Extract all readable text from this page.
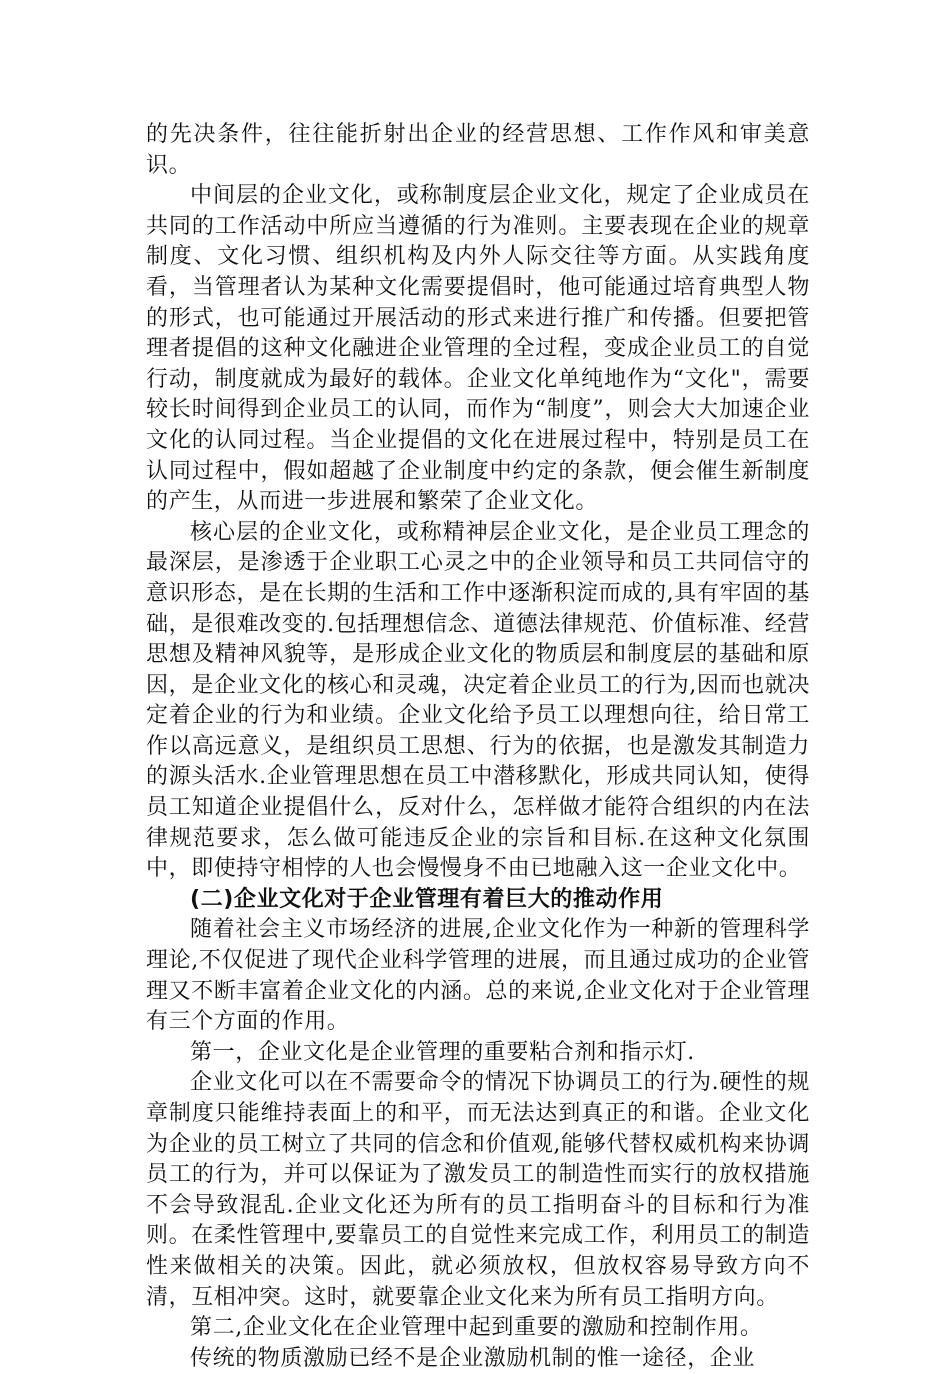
的先决条件，往往能折射出企业的经营思想、工作作风和审美意识。

中间层的企业文化，或称制度层企业文化，规定了企业成员在共同的工作活动中所应当遵循的行为准则。主要表现在企业的规章制度、文化习惯、组织机构及内外人际交往等方面。从实践角度看，当管理者认为某种文化需要提倡时，他可能通过培育典型人物的形式，也可能通过开展活动的形式来进行推广和传播。但要把管理者提倡的这种文化融进企业管理的全过程，变成企业员工的自觉行动，制度就成为最好的载体。企业文化单纯地作为“文化"，需要较长时间得到企业员工的认同，而作为“制度”，则会大大加速企业文化的认同过程。当企业提倡的文化在进展过程中，特别是员工在认同过程中，假如超越了企业制度中约定的条款，便会催生新制度的产生，从而进一步进展和繁荣了企业文化。

核心层的企业文化，或称精神层企业文化，是企业员工理念的最深层，是渗透于企业职工心灵之中的企业领导和员工共同信守的意识形态，是在长期的生活和工作中逐渐积淀而成的,具有牢固的基础，是很难改变的.包括理想信念、道德法律规范、价值标准、经营思想及精神风貌等，是形成企业文化的物质层和制度层的基础和原因，是企业文化的核心和灵魂，决定着企业员工的行为,因而也就决定着企业的行为和业绩。企业文化给予员工以理想向往，给日常工作以高远意义，是组织员工思想、行为的依据，也是激发其制造力的源头活水.企业管理思想在员工中潜移默化，形成共同认知，使得员工知道企业提倡什么，反对什么，怎样做才能符合组织的内在法律规范要求，怎么做可能违反企业的宗旨和目标.在这种文化氛围中，即使持守相悖的人也会慢慢身不由已地融入这一企业文化中。

(二)企业文化对于企业管理有着巨大的推动作用

随着社会主义市场经济的进展,企业文化作为一种新的管理科学理论,不仅促进了现代企业科学管理的进展，而且通过成功的企业管理又不断丰富着企业文化的内涵。总的来说,企业文化对于企业管理有三个方面的作用。

第一，企业文化是企业管理的重要粘合剂和指示灯.

企业文化可以在不需要命令的情况下协调员工的行为.硬性的规章制度只能维持表面上的和平，而无法达到真正的和谐。企业文化为企业的员工树立了共同的信念和价值观,能够代替权威机构来协调员工的行为，并可以保证为了激发员工的制造性而实行的放权措施不会导致混乱.企业文化还为所有的员工指明奋斗的目标和行为准则。在柔性管理中,要靠员工的自觉性来完成工作，利用员工的制造性来做相关的决策。因此，就必须放权，但放权容易导致方向不清，互相冲突。这时，就要靠企业文化来为所有员工指明方向。

第二,企业文化在企业管理中起到重要的激励和控制作用。

传统的物质激励已经不是企业激励机制的惟一途径，企业
